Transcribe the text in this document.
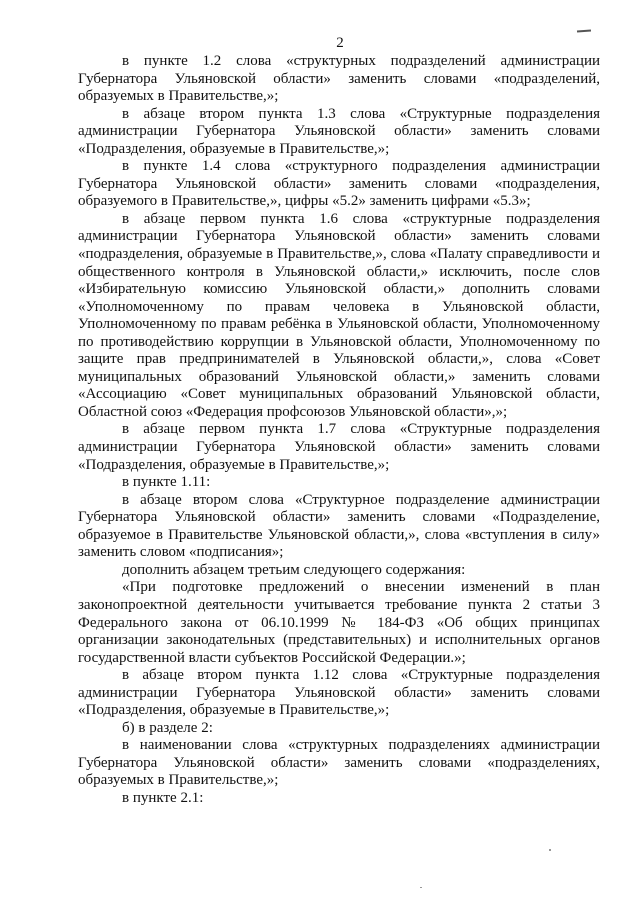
2

в пункте 1.2 слова «структурных подразделений администрации Губернатора Ульяновской области» заменить словами «подразделений, образуемых в Правительстве,»;

в абзаце втором пункта 1.3 слова «Структурные подразделения администрации Губернатора Ульяновской области» заменить словами «Подразделения, образуемые в Правительстве,»;

в пункте 1.4 слова «структурного подразделения администрации Губернатора Ульяновской области» заменить словами «подразделения, образуемого в Правительстве,», цифры «5.2» заменить цифрами «5.3»;

в абзаце первом пункта 1.6 слова «структурные подразделения администрации Губернатора Ульяновской области» заменить словами «подразделения, образуемые в Правительстве,», слова «Палату справедливости и общественного контроля в Ульяновской области,» исключить, после слов «Избирательную комиссию Ульяновской области,» дополнить словами «Уполномоченному по правам человека в Ульяновской области, Уполномоченному по правам ребёнка в Ульяновской области, Уполномоченному по противодействию коррупции в Ульяновской области, Уполномоченному по защите прав предпринимателей в Ульяновской области,», слова «Совет муниципальных образований Ульяновской области,» заменить словами «Ассоциацию «Совет муниципальных образований Ульяновской области, Областной союз «Федерация профсоюзов Ульяновской области»,»;

в абзаце первом пункта 1.7 слова «Структурные подразделения администрации Губернатора Ульяновской области» заменить словами «Подразделения, образуемые в Правительстве,»;

в пункте 1.11:

в абзаце втором слова «Структурное подразделение администрации Губернатора Ульяновской области» заменить словами «Подразделение, образуемое в Правительстве Ульяновской области,», слова «вступления в силу» заменить словом «подписания»;

дополнить абзацем третьим следующего содержания:

«При подготовке предложений о внесении изменений в план законопроектной деятельности учитывается требование пункта 2 статьи 3 Федерального закона от 06.10.1999 № 184-ФЗ «Об общих принципах организации законодательных (представительных) и исполнительных органов государственной власти субъектов Российской Федерации.»;

в абзаце втором пункта 1.12 слова «Структурные подразделения администрации Губернатора Ульяновской области» заменить словами «Подразделения, образуемые в Правительстве,»;

б) в разделе 2:

в наименовании слова «структурных подразделениях администрации Губернатора Ульяновской области» заменить словами «подразделениях, образуемых в Правительстве,»;

в пункте 2.1:
